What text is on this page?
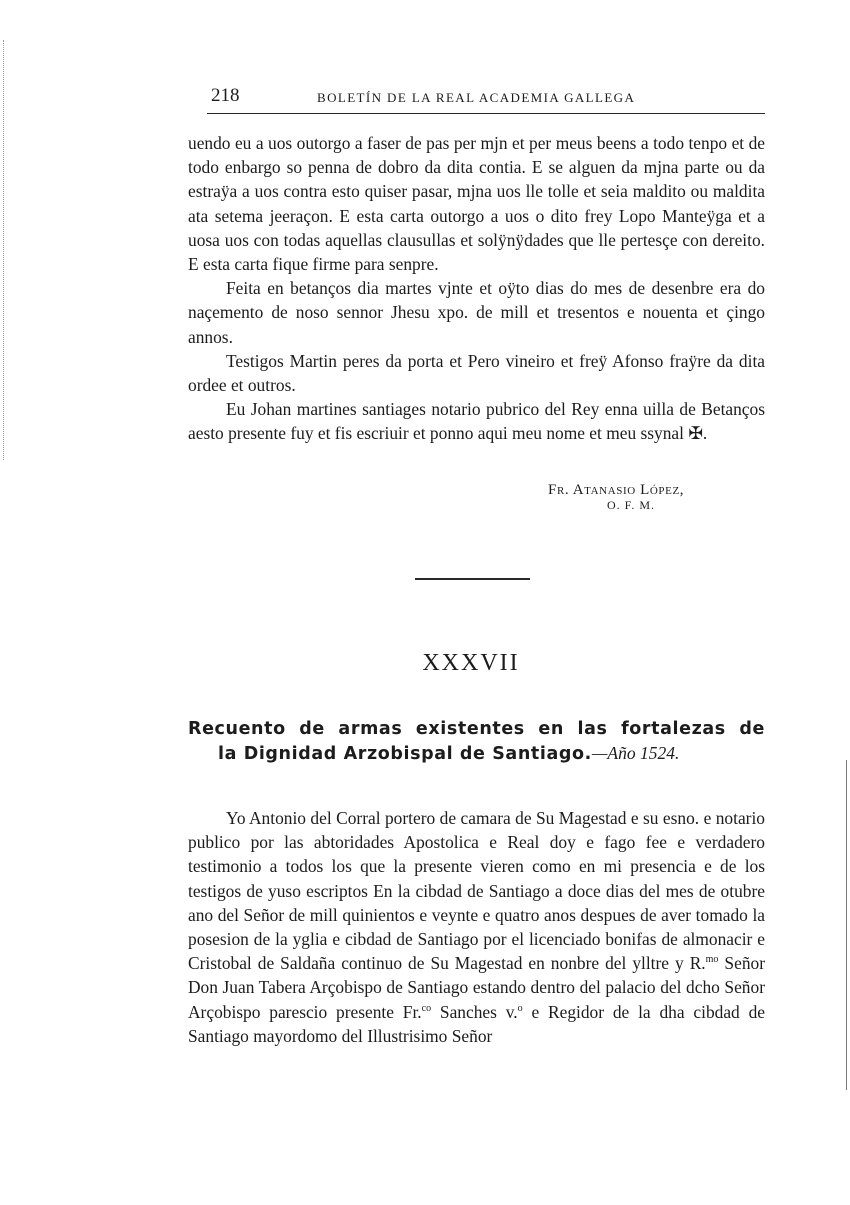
218	BOLETÍN DE LA REAL ACADEMIA GALLEGA

uendo eu a uos outorgo a faser de pas per mjn et per meus beens a todo tenpo et de todo enbargo so penna de dobro da dita contia. E se alguen da mjna parte ou da estraÿa a uos contra esto quiser pasar, mjna uos lle tolle et seia maldito ou maldita ata setema jeeraçon. E esta carta outorgo a uos o dito frey Lopo Manteÿga et a uosa uos con todas aquellas clausullas et solÿnÿdades que lle pertesçe con dereito. E esta carta fique firme para senpre.

Feita en betanços dia martes vjnte et oÿto dias do mes de desenbre era do naçemento de noso sennor Jhesu xpo. de mill et tresentos e nouenta et çingo annos.

Testigos Martin peres da porta et Pero vineiro et freÿ Afonso fraÿre da dita ordee et outros.

Eu Johan martines santiages notario pubrico del Rey enna uilla de Betanços aesto presente fuy et fis escriuir et ponno aqui meu nome et meu ssynal ✠.

Fr. Atanasio López,
O. F. M.
XXXVII
Recuento de armas existentes en las fortalezas de
la Dignidad Arzobispal de Santiago.—Año 1524.

Yo Antonio del Corral portero de camara de Su Magestad e su esno. e notario publico por las abtoridades Apostolica e Real doy e fago fee e verdadero testimonio a todos los que la presente vieren como en mi presencia e de los testigos de yuso escriptos En la cibdad de Santiago a doce dias del mes de otubre ano del Señor de mill quinientos e veynte e quatro anos despues de aver tomado la posesion de la yglia e cibdad de Santiago por el licenciado bonifas de almonacir e Cristobal de Saldaña continuo de Su Magestad en nonbre del ylltre y R.$^{mo}$ Señor Don Juan Tabera Arçobispo de Santiago estando dentro del palacio del dcho Señor Arçobispo parescio presente Fr.$^{co}$ Sanches v.$^o$ e Regidor de la dha cibdad de Santiago mayordomo del Illustrisimo Señor
